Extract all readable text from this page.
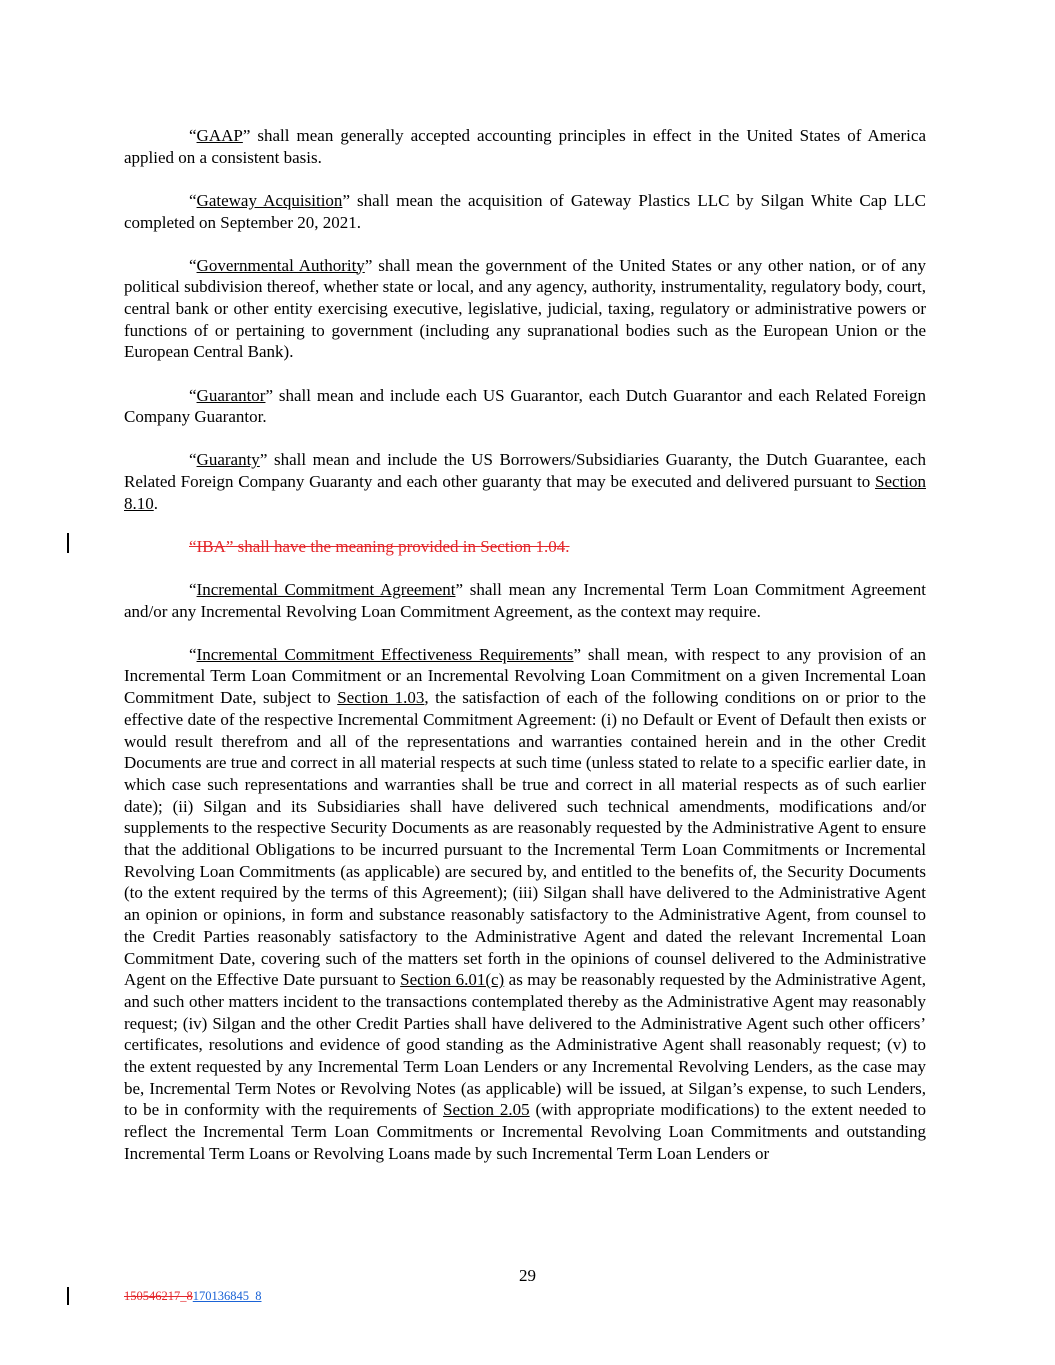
“GAAP” shall mean generally accepted accounting principles in effect in the United States of America applied on a consistent basis.

“Gateway Acquisition” shall mean the acquisition of Gateway Plastics LLC by Silgan White Cap LLC completed on September 20, 2021.

“Governmental Authority” shall mean the government of the United States or any other nation, or of any political subdivision thereof, whether state or local, and any agency, authority, instrumentality, regulatory body, court, central bank or other entity exercising executive, legislative, judicial, taxing, regulatory or administrative powers or functions of or pertaining to government (including any supranational bodies such as the European Union or the European Central Bank).

“Guarantor” shall mean and include each US Guarantor, each Dutch Guarantor and each Related Foreign Company Guarantor.

“Guaranty” shall mean and include the US Borrowers/Subsidiaries Guaranty, the Dutch Guarantee, each Related Foreign Company Guaranty and each other guaranty that may be executed and delivered pursuant to Section 8.10.

“IBA” shall have the meaning provided in Section 1.04.

“Incremental Commitment Agreement” shall mean any Incremental Term Loan Commitment Agreement and/or any Incremental Revolving Loan Commitment Agreement, as the context may require.

“Incremental Commitment Effectiveness Requirements” shall mean, with respect to any provision of an Incremental Term Loan Commitment or an Incremental Revolving Loan Commitment on a given Incremental Loan Commitment Date, subject to Section 1.03, the satisfaction of each of the following conditions on or prior to the effective date of the respective Incremental Commitment Agreement: (i) no Default or Event of Default then exists or would result therefrom and all of the representations and warranties contained herein and in the other Credit Documents are true and correct in all material respects at such time (unless stated to relate to a specific earlier date, in which case such representations and warranties shall be true and correct in all material respects as of such earlier date); (ii) Silgan and its Subsidiaries shall have delivered such technical amendments, modifications and/or supplements to the respective Security Documents as are reasonably requested by the Administrative Agent to ensure that the additional Obligations to be incurred pursuant to the Incremental Term Loan Commitments or Incremental Revolving Loan Commitments (as applicable) are secured by, and entitled to the benefits of, the Security Documents (to the extent required by the terms of this Agreement); (iii) Silgan shall have delivered to the Administrative Agent an opinion or opinions, in form and substance reasonably satisfactory to the Administrative Agent, from counsel to the Credit Parties reasonably satisfactory to the Administrative Agent and dated the relevant Incremental Loan Commitment Date, covering such of the matters set forth in the opinions of counsel delivered to the Administrative Agent on the Effective Date pursuant to Section 6.01(c) as may be reasonably requested by the Administrative Agent, and such other matters incident to the transactions contemplated thereby as the Administrative Agent may reasonably request; (iv) Silgan and the other Credit Parties shall have delivered to the Administrative Agent such other officers’ certificates, resolutions and evidence of good standing as the Administrative Agent shall reasonably request; (v) to the extent requested by any Incremental Term Loan Lenders or any Incremental Revolving Lenders, as the case may be, Incremental Term Notes or Revolving Notes (as applicable) will be issued, at Silgan’s expense, to such Lenders, to be in conformity with the requirements of Section 2.05 (with appropriate modifications) to the extent needed to reflect the Incremental Term Loan Commitments or Incremental Revolving Loan Commitments and outstanding Incremental Term Loans or Revolving Loans made by such Incremental Term Loan Lenders or

29
150546217_8170136845_8
